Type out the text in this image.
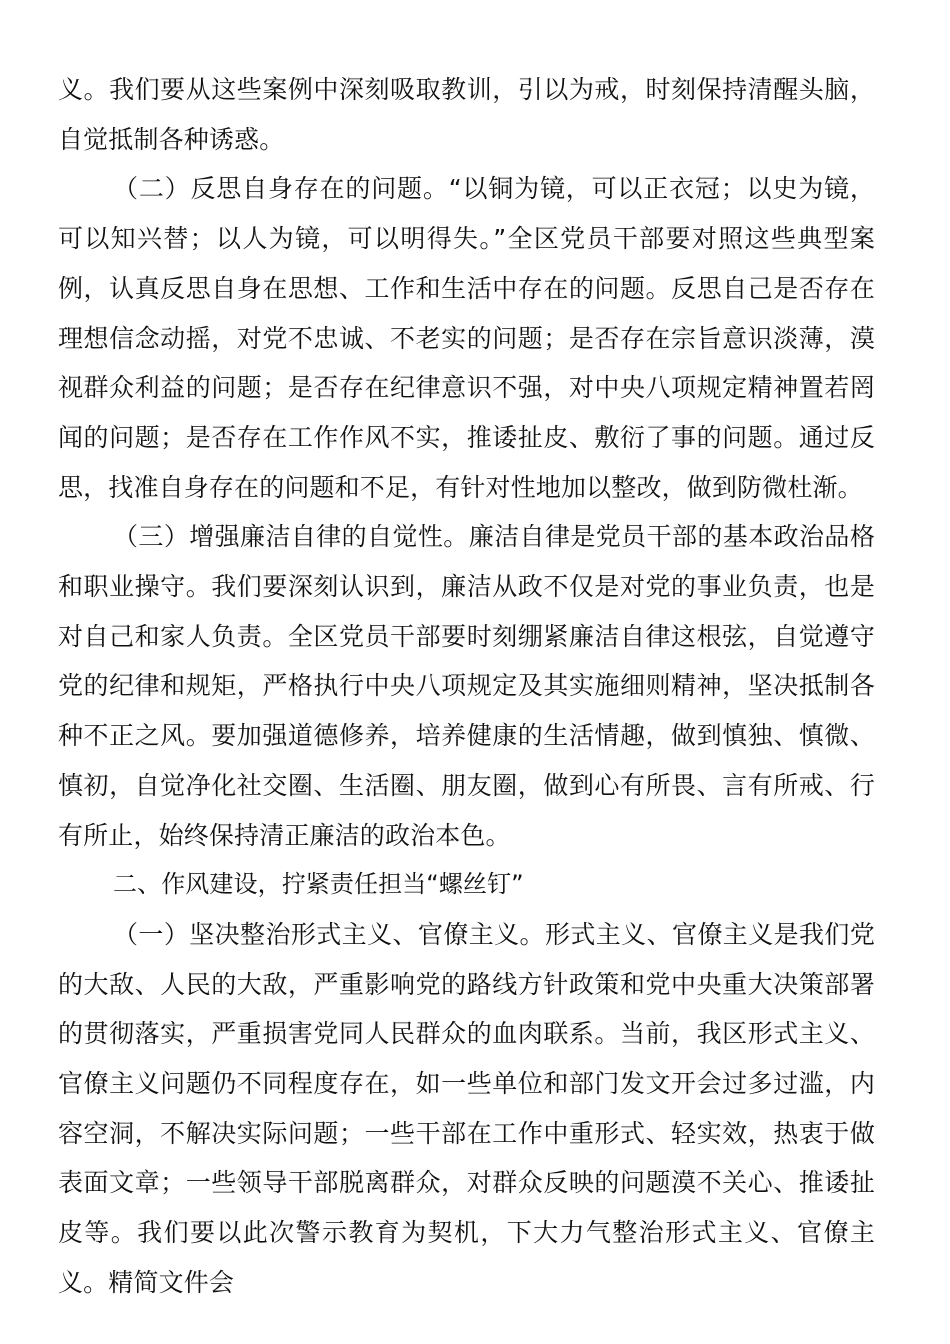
义。我们要从这些案例中深刻吸取教训，引以为戒，时刻保持清醒头脑，自觉抵制各种诱惑。

（二）反思自身存在的问题。“以铜为镜，可以正衣冠；以史为镜，可以知兴替；以人为镜，可以明得失。”全区党员干部要对照这些典型案例，认真反思自身在思想、工作和生活中存在的问题。反思自己是否存在理想信念动摇，对党不忠诚、不老实的问题；是否存在宗旨意识淡薄，漠视群众利益的问题；是否存在纪律意识不强，对中央八项规定精神置若罔闻的问题；是否存在工作作风不实，推诿扯皮、敷衍了事的问题。通过反思，找准自身存在的问题和不足，有针对性地加以整改，做到防微杜渐。

（三）增强廉洁自律的自觉性。廉洁自律是党员干部的基本政治品格和职业操守。我们要深刻认识到，廉洁从政不仅是对党的事业负责，也是对自己和家人负责。全区党员干部要时刻绷紧廉洁自律这根弦，自觉遵守党的纪律和规矩，严格执行中央八项规定及其实施细则精神，坚决抵制各种不正之风。要加强道德修养，培养健康的生活情趣，做到慎独、慎微、慎初，自觉净化社交圈、生活圈、朋友圈，做到心有所畏、言有所戒、行有所止，始终保持清正廉洁的政治本色。

二、作风建设，拧紧责任担当“螺丝钉”

（一）坚决整治形式主义、官僚主义。形式主义、官僚主义是我们党的大敌、人民的大敌，严重影响党的路线方针政策和党中央重大决策部署的贯彻落实，严重损害党同人民群众的血肉联系。当前，我区形式主义、官僚主义问题仍不同程度存在，如一些单位和部门发文开会过多过滥，内容空洞，不解决实际问题；一些干部在工作中重形式、轻实效，热衷于做表面文章；一些领导干部脱离群众，对群众反映的问题漠不关心、推诿扯皮等。我们要以此次警示教育为契机，下大力气整治形式主义、官僚主义。精简文件会
